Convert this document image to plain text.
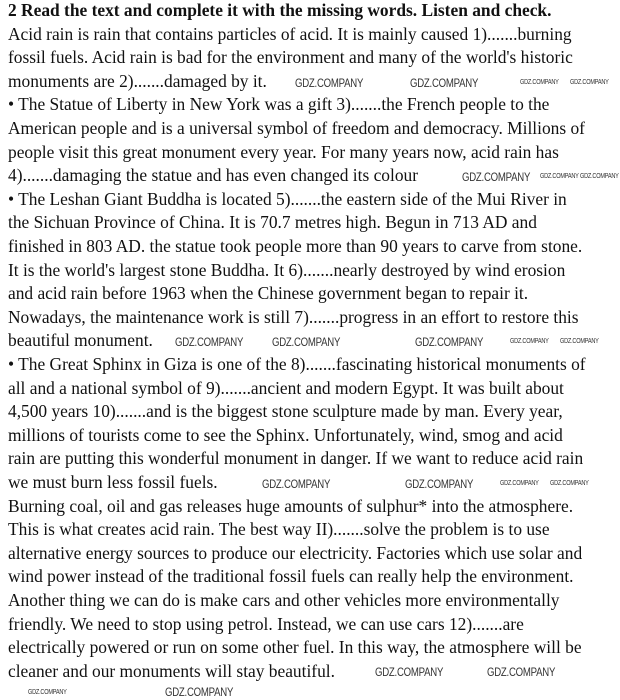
2 Read the text and complete it with the missing words. Listen and check.
Acid rain is rain that contains particles of acid. It is mainly caused 1).......burning
fossil fuels. Acid rain is bad for the environment and many of the world's historic
monuments are 2).......damaged by it.
• The Statue of Liberty in New York was a gift 3).......the French people to the
American people and is a universal symbol of freedom and democracy. Millions of
people visit this great monument every year. For many years now, acid rain has
4).......damaging the statue and has even changed its colour
• The Leshan Giant Buddha is located 5).......the eastern side of the Mui River in
the Sichuan Province of China. It is 70.7 metres high. Begun in 713 AD and
finished in 803 AD. the statue took people more than 90 years to carve from stone.
It is the world's largest stone Buddha. It 6).......nearly destroyed by wind erosion
and acid rain before 1963 when the Chinese government began to repair it.
Nowadays, the maintenance work is still 7).......progress in an effort to restore this
beautiful monument.
• The Great Sphinx in Giza is one of the 8).......fascinating historical monuments of
all and a national symbol of 9).......ancient and modern Egypt. It was built about
4,500 years 10).......and is the biggest stone sculpture made by man. Every year,
millions of tourists come to see the Sphinx. Unfortunately, wind, smog and acid
rain are putting this wonderful monument in danger. If we want to reduce acid rain
we must burn less fossil fuels.
Burning coal, oil and gas releases huge amounts of sulphur* into the atmosphere.
This is what creates acid rain. The best way II).......solve the problem is to use
alternative energy sources to produce our electricity. Factories which use solar and
wind power instead of the traditional fossil fuels can really help the environment.
Another thing we can do is make cars and other vehicles more environmentally
friendly. We need to stop using petrol. Instead, we can use cars 12).......are
electrically powered or run on some other fuel. In this way, the atmosphere will be
cleaner and our monuments will stay beautiful.
GDZ.COMPANY	GDZ.COMPANY	GDZ.COMPANY GDZ.COMPANY
GDZ.COMPANY GDZ.COMPANY GDZ.COMPANY
GDZ.COMPANY GDZ.COMPANY	GDZ.COMPANY	GDZ.COMPANY GDZ.COMPANY
GDZ.COMPANY	GDZ.COMPANY	GDZ.COMPANY GDZ.COMPANY
GDZ.COMPANY	GDZ.COMPANY
GDZ.COMPANY
GDZ.COMPANY
